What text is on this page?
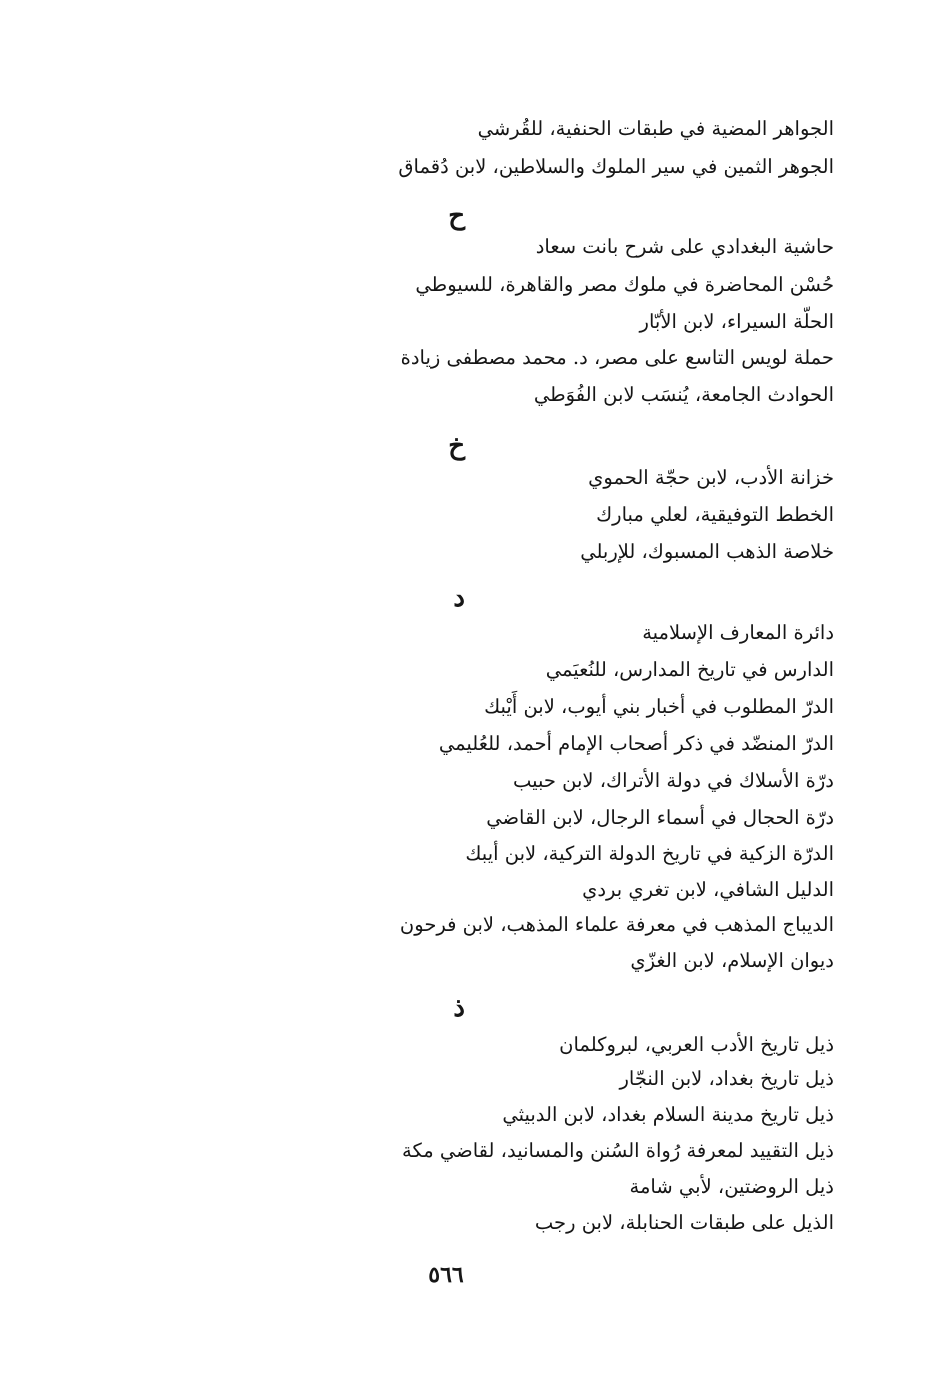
الجواهر المضية في طبقات الحنفية، للقُرشي
الجوهر الثمين في سير الملوك والسلاطين، لابن دُقماق
ح
حاشية البغدادي على شرح بانت سعاد
حُسْن المحاضرة في ملوك مصر والقاهرة، للسيوطي
الحلّة السيراء، لابن الأبّار
حملة لويس التاسع على مصر، د. محمد مصطفى زيادة
الحوادث الجامعة، يُنسَب لابن الفُوَطي
خ
خزانة الأدب، لابن حجّة الحموي
الخطط التوفيقية، لعلي مبارك
خلاصة الذهب المسبوك، للإربلي
د
دائرة المعارف الإسلامية
الدارس في تاريخ المدارس، للنُعيَمي
الدرّ المطلوب في أخبار بني أيوب، لابن أَيْبك
الدرّ المنضّد في ذكر أصحاب الإمام أحمد، للعُليمي
درّة الأسلاك في دولة الأتراك، لابن حبيب
درّة الحجال في أسماء الرجال، لابن القاضي
الدرّة الزكية في تاريخ الدولة التركية، لابن أيبك
الدليل الشافي، لابن تغري بردي
الديباج المذهب في معرفة علماء المذهب، لابن فرحون
ديوان الإسلام، لابن الغزّي
ذ
ذيل تاريخ الأدب العربي، لبروكلمان
ذيل تاريخ بغداد، لابن النجّار
ذيل تاريخ مدينة السلام بغداد، لابن الدبيثي
ذيل التقييد لمعرفة رُواة السُنن والمسانيد، لقاضي مكة
ذيل الروضتين، لأبي شامة
الذيل على طبقات الحنابلة، لابن رجب
٥٦٦
